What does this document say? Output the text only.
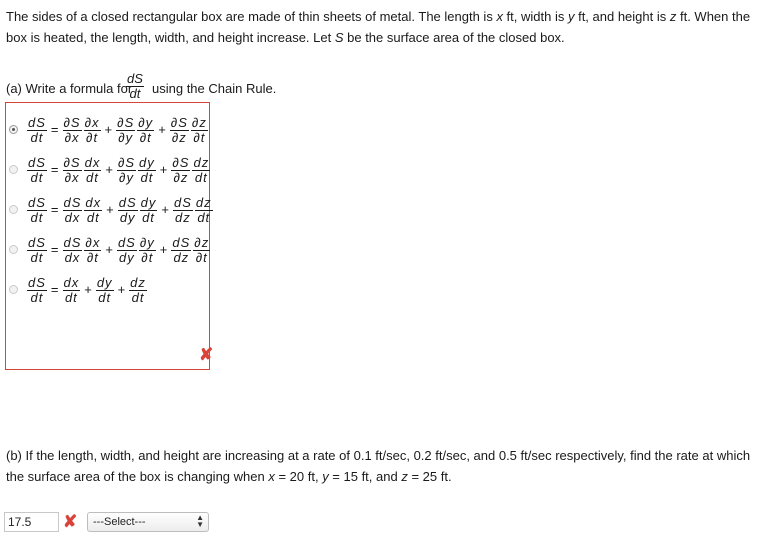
The sides of a closed rectangular box are made of thin sheets of metal. The length is x ft, width is y ft, and height is z ft. When the box is heated, the length, width, and height increase. Let S be the surface area of the closed box.
(a) Write a formula for
$\frac{dS}{dt}$ using the Chain Rule.
$\frac{dS}{dt} = \frac{\partial S}{\partial x} \frac{\partial x}{\partial t} + \frac{\partial S}{\partial y} \frac{\partial y}{\partial t} + \frac{\partial S}{\partial z} \frac{\partial z}{\partial t}$
$\frac{dS}{dt} = \frac{\partial S}{\partial x} \frac{dx}{dt} + \frac{\partial S}{\partial y} \frac{dy}{dt} + \frac{\partial S}{\partial z} \frac{dz}{dt}$
$\frac{dS}{dt} = \frac{dS}{dx} \frac{dx}{dt} + \frac{dS}{dy} \frac{dy}{dt} + \frac{dS}{dz} \frac{dz}{dt}$
$\frac{dS}{dt} = \frac{dS}{dx} \frac{\partial x}{\partial t} + \frac{dS}{dy} \frac{\partial y}{\partial t} + \frac{dS}{dz} \frac{\partial z}{\partial t}$
$\frac{dS}{dt} = \frac{dx}{dt} + \frac{dy}{dt} + \frac{dz}{dt}$
✘
(b) If the length, width, and height are increasing at a rate of 0.1 ft/sec, 0.2 ft/sec, and 0.5 ft/sec respectively, find the rate at which the surface area of the box is changing when x = 20 ft, y = 15 ft, and z = 25 ft.
17.5
✘ ---Select---	▲
▼
